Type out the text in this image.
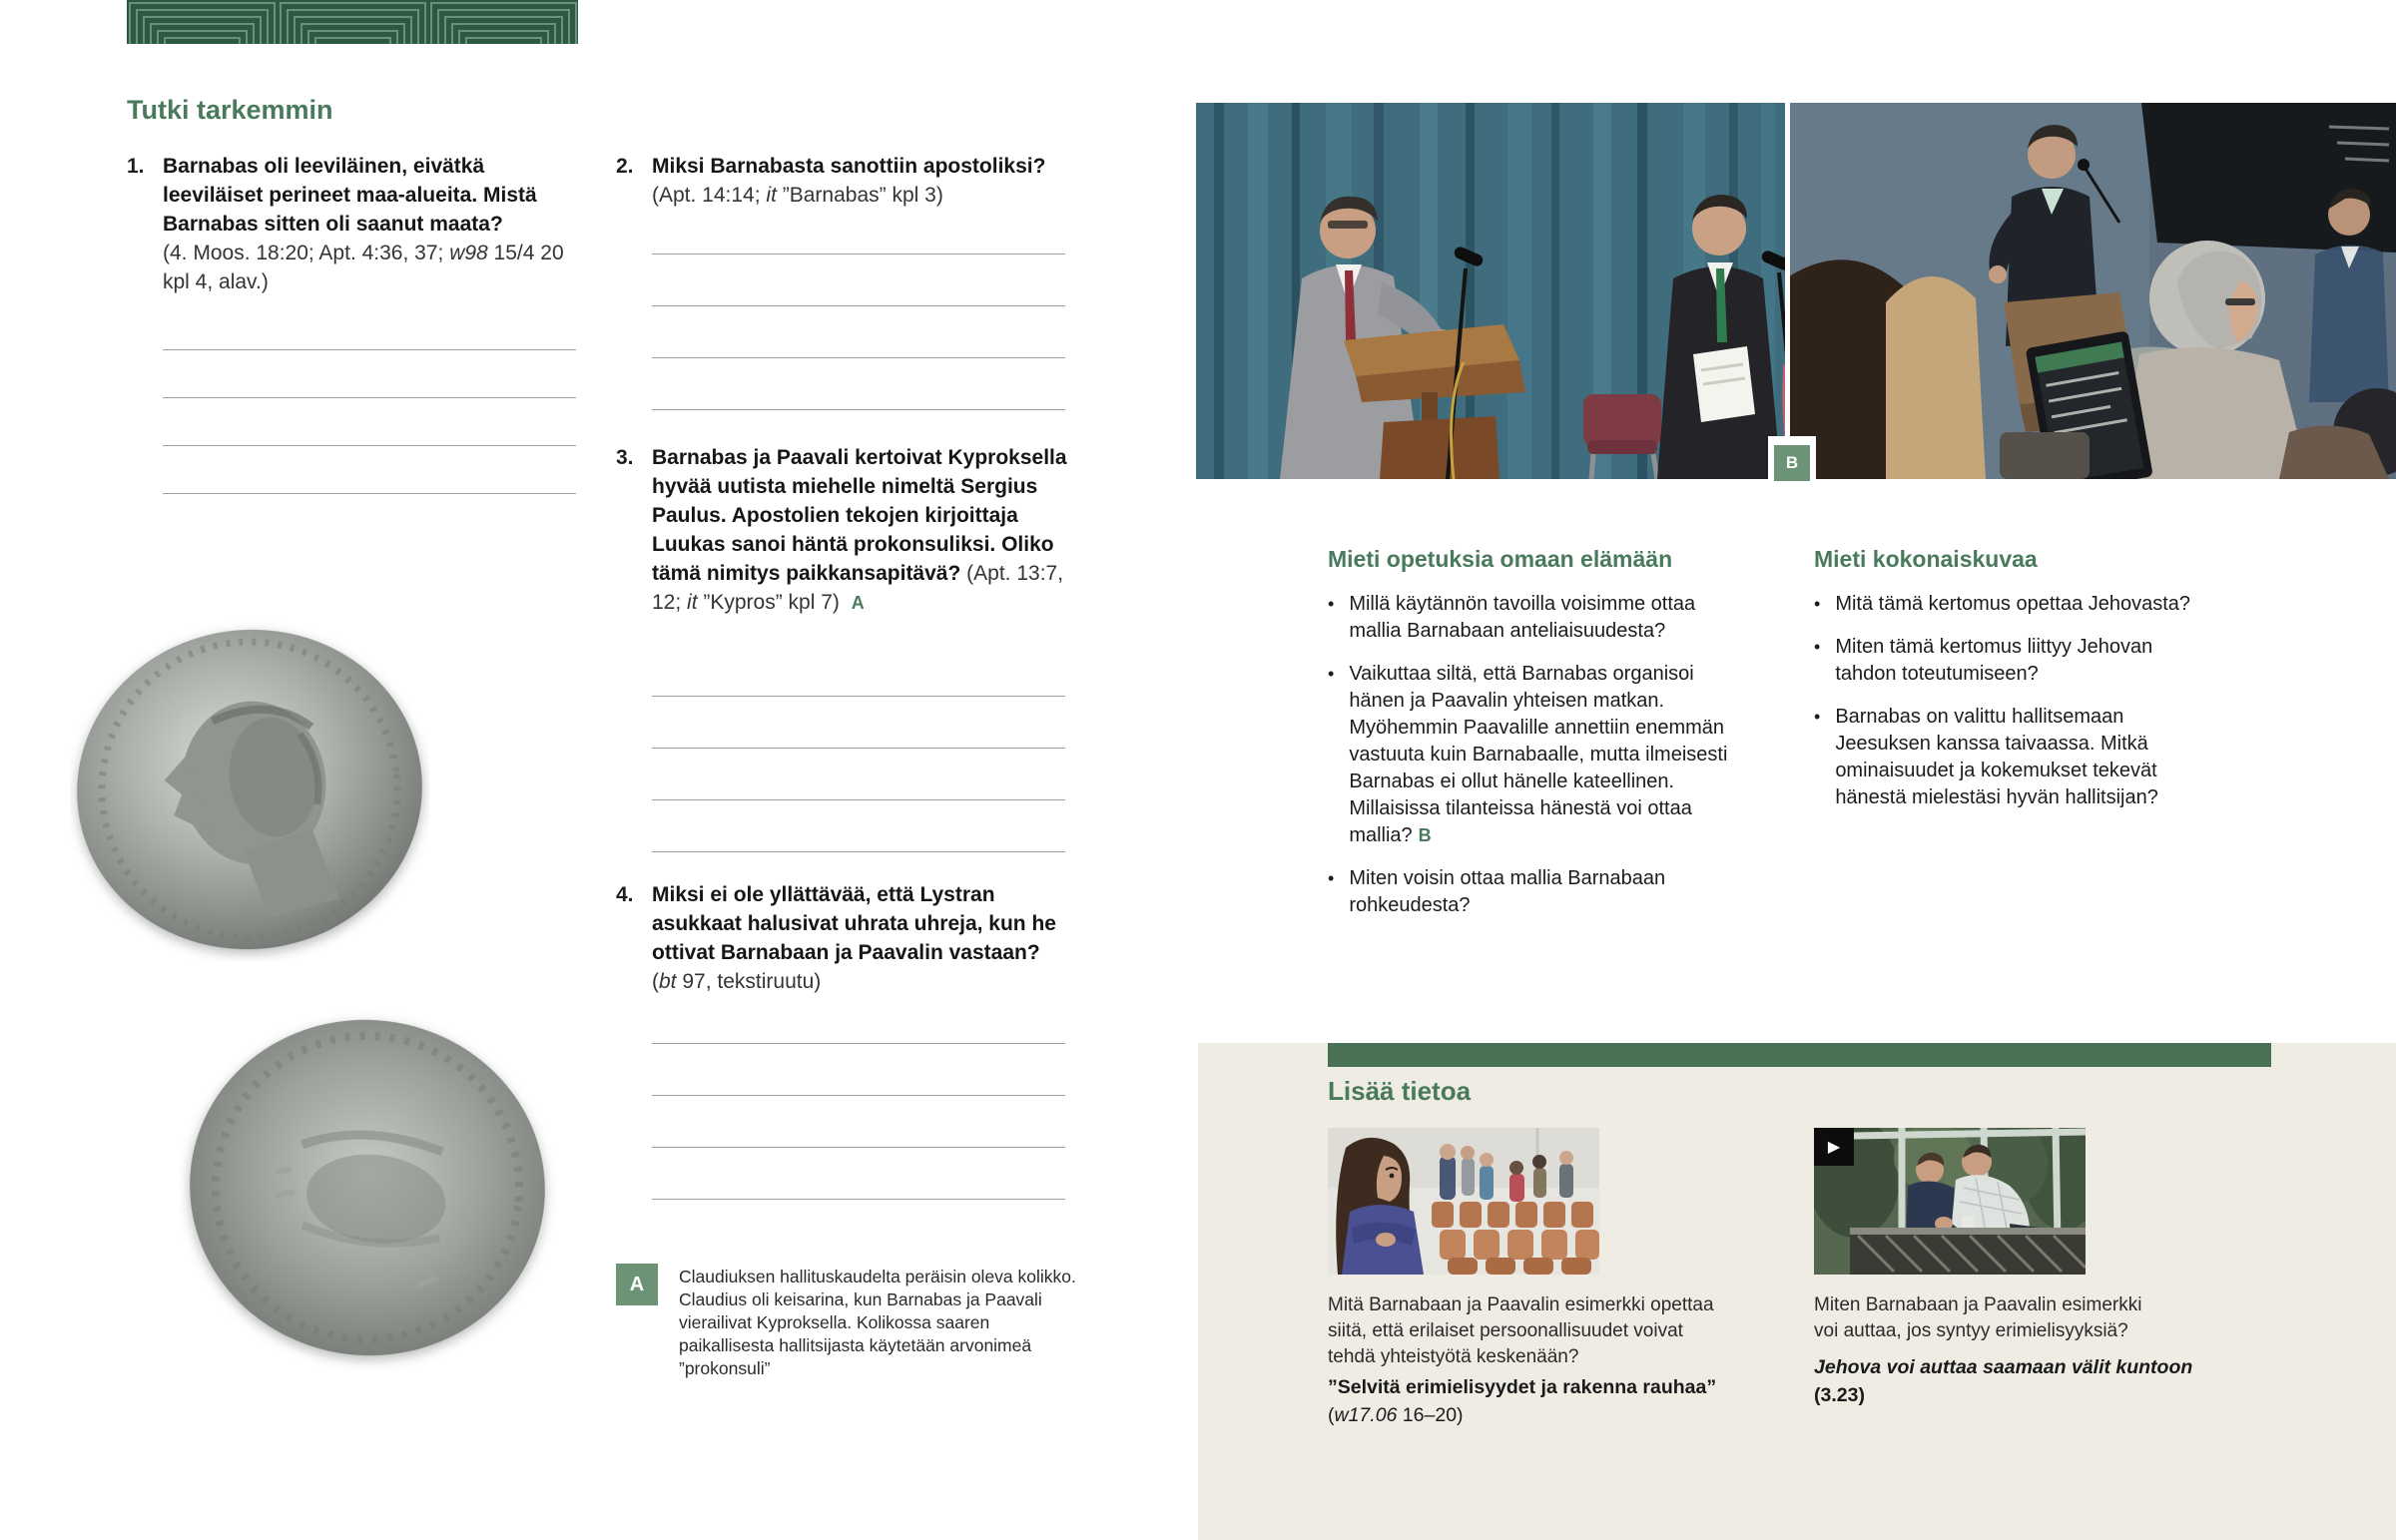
Tutki tarkemmin
1. Barnabas oli leeviläinen, eivätkä leeviläiset perineet maa-alueita. Mistä Barnabas sitten oli saanut maata?
(4. Moos. 18:20; Apt. 4:36, 37; w98 15/4 20 kpl 4, alav.)
2. Miksi Barnabasta sanottiin apostoliksi?
(Apt. 14:14; it ”Barnabas” kpl 3)
3. Barnabas ja Paavali kertoivat Kyproksella hyvää uutista miehelle nimeltä Sergius Paulus. Apostolien tekojen kirjoittaja Luukas sanoi häntä prokonsuliksi. Oliko tämä nimitys paikkansapitävä? (Apt. 13:7, 12; it ”Kypros” kpl 7) A
4. Miksi ei ole yllättävää, että Lystran asukkaat halusivat uhrata uhreja, kun he ottivat Barnabaan ja Paavalin vastaan?
(bt 97, tekstiruutu)
A	Claudiuksen hallituskaudelta peräisin oleva kolikko. Claudius oli keisarina, kun Barnabas ja Paavali vierailivat Kyproksella. Kolikossa saaren paikallisesta hallitsijasta käytetään arvonimeä ”prokonsuli”
B
Mieti opetuksia omaan elämään
•
Millä käytännön tavoilla voisimme ottaa mallia Barnabaan anteliaisuudesta?
•
Vaikuttaa siltä, että Barnabas organisoi hänen ja Paavalin yhteisen matkan. Myöhemmin Paavalille annettiin enemmän vastuuta kuin Barnabaalle, mutta ilmeisesti Barnabas ei ollut hänelle kateellinen. Millaisissa tilanteissa hänestä voi ottaa mallia? B
•
Miten voisin ottaa mallia Barnabaan rohkeudesta?
Mieti kokonaiskuvaa
•
Mitä tämä kertomus opettaa Jehovasta?
•
Miten tämä kertomus liittyy Jehovan tahdon toteutumiseen?
•
Barnabas on valittu hallitsemaan Jeesuksen kanssa taivaassa. Mitkä ominaisuudet ja kokemukset tekevät hänestä mielestäsi hyvän hallitsijan?
Lisää tietoa
Mitä Barnabaan ja Paavalin esimerkki opettaa siitä, että erilaiset persoonallisuudet voivat tehdä yhteistyötä keskenään?
”Selvitä erimielisyydet ja rakenna rauhaa”
(w17.06 16–20)
▶
Miten Barnabaan ja Paavalin esimerkki voi auttaa, jos syntyy erimielisyyksiä?
Jehova voi auttaa saamaan välit kuntoon
(3.23)
